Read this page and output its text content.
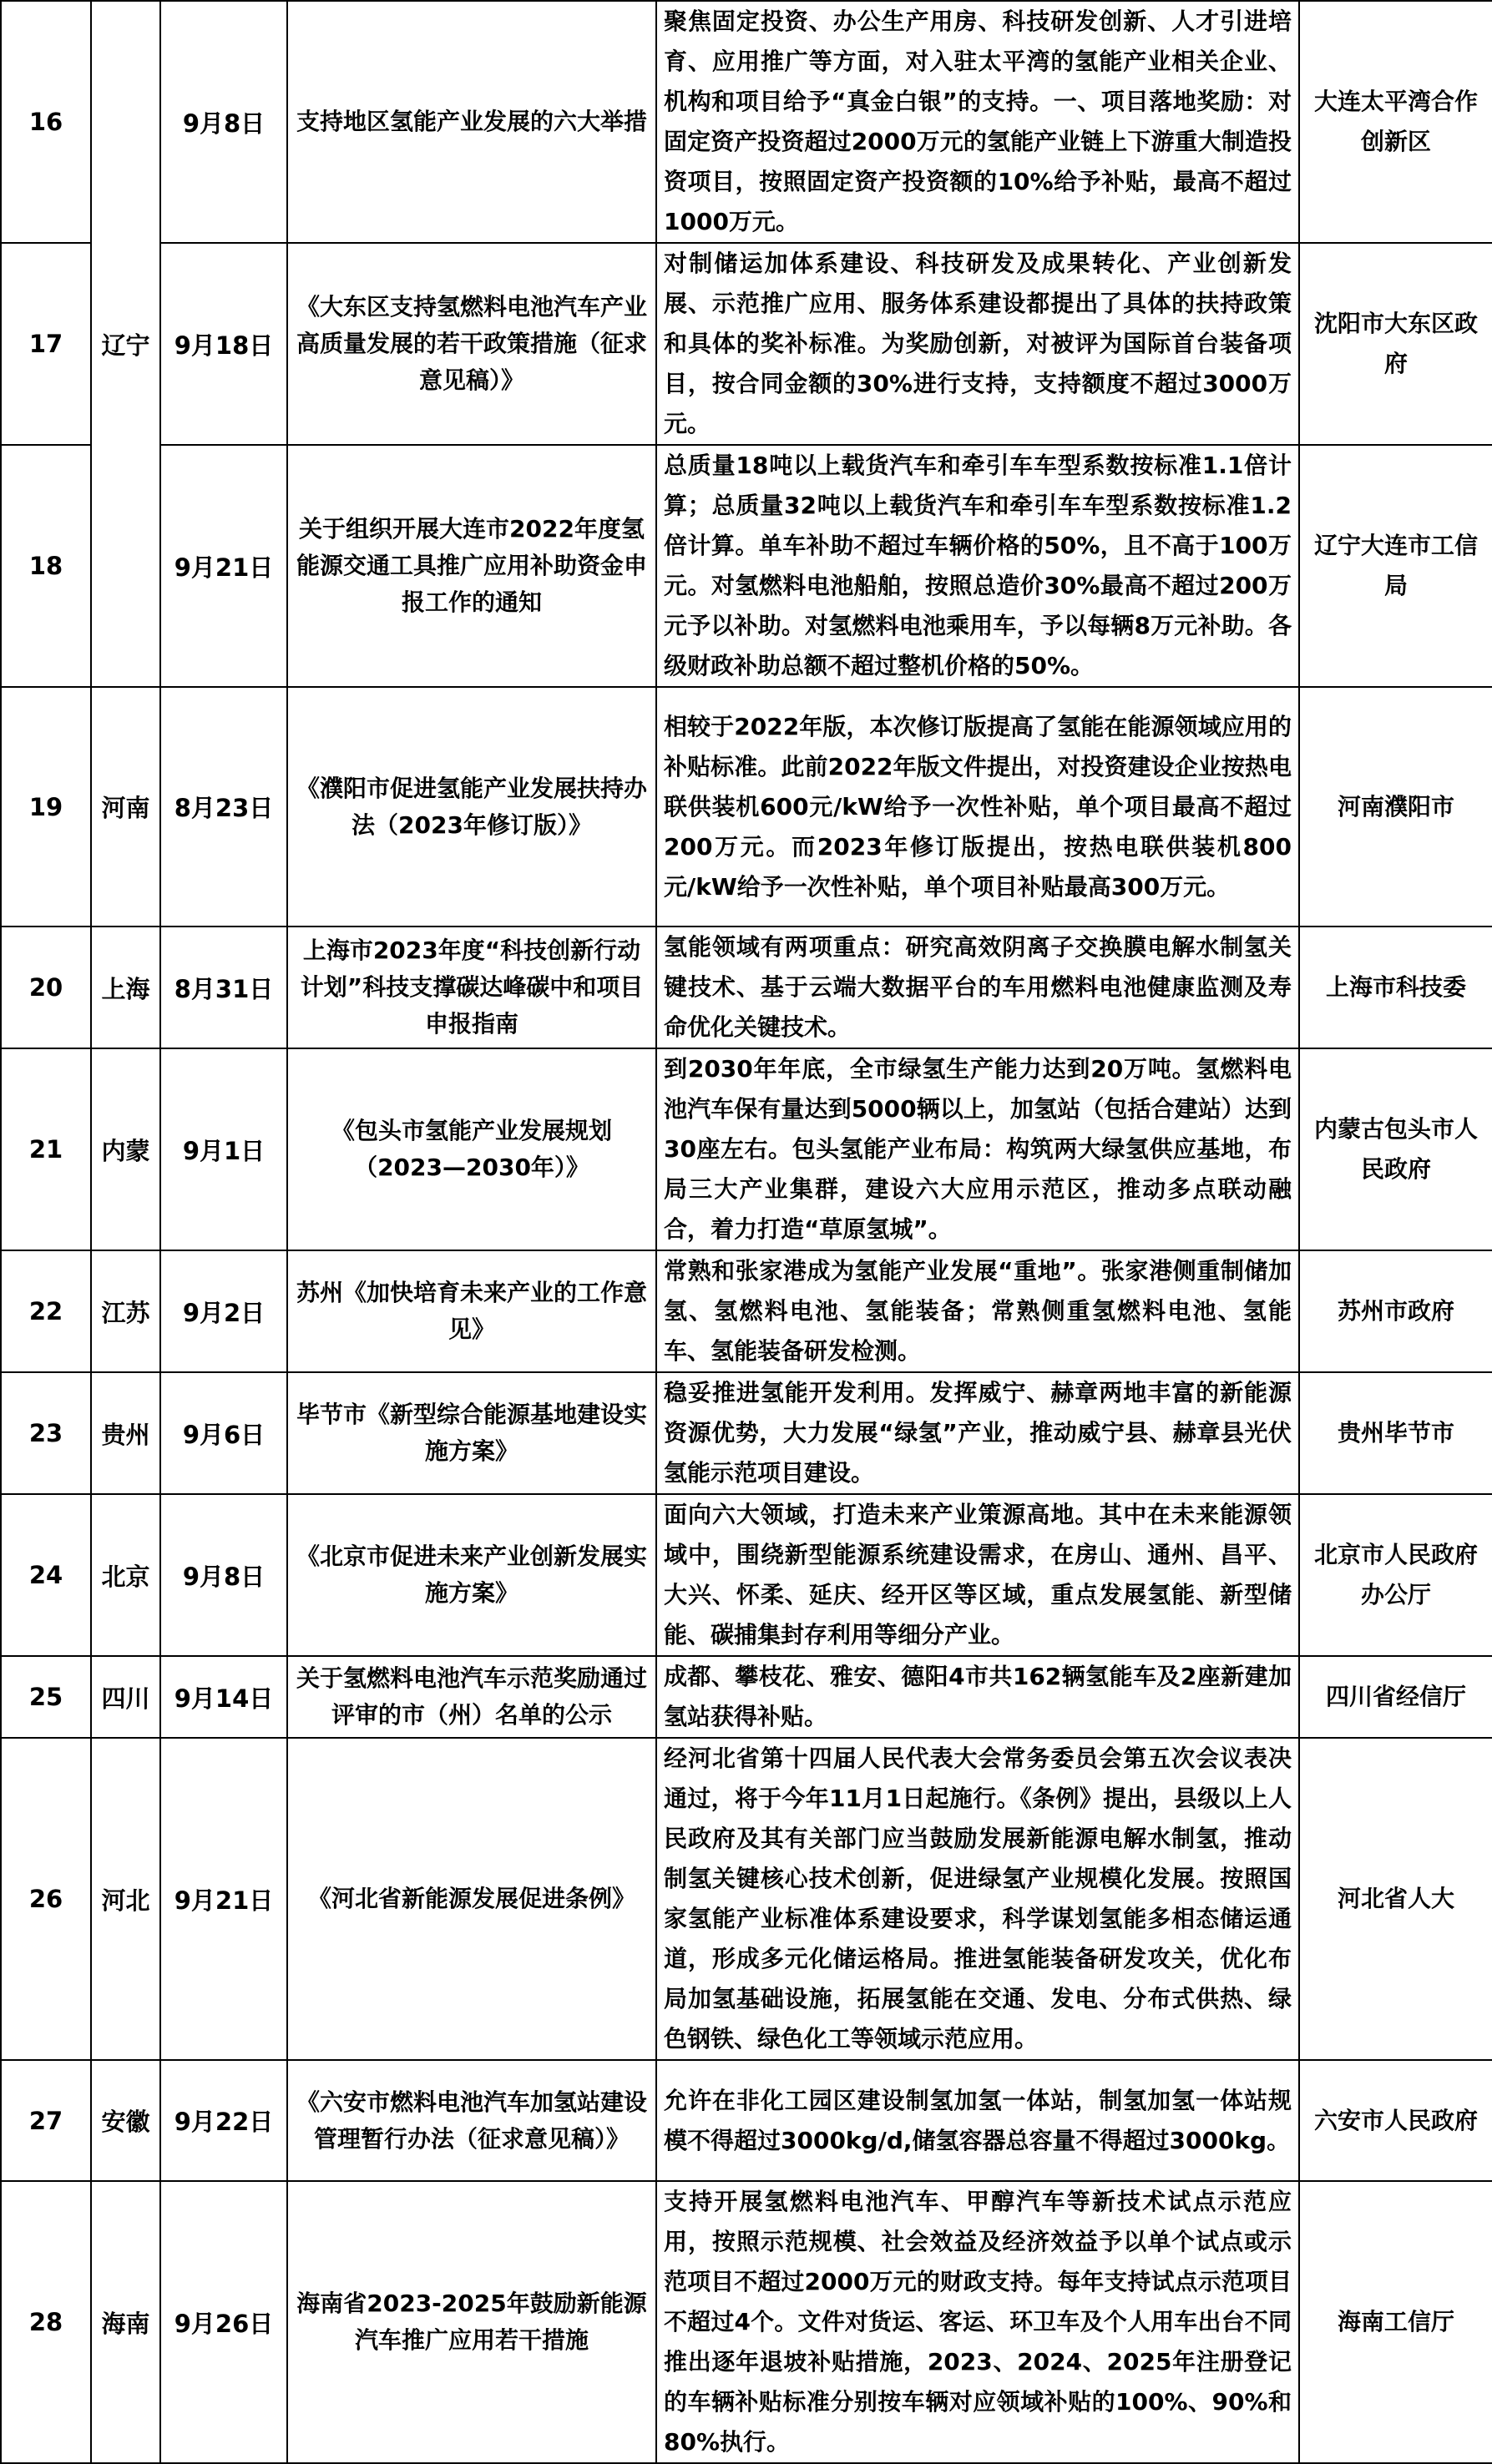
16	辽宁	9月8日	支持地区氢能产业发展的六大举措	聚焦固定投资、办公生产用房、科技研发创新、人才引进培育、应用推广等方面，对入驻太平湾的氢能产业相关企业、机构和项目给予“真金白银”的支持。一、项目落地奖励：对固定资产投资超过2000万元的氢能产业链上下游重大制造投资项目，按照固定资产投资额的10%给予补贴，最高不超过1000万元。	大连太平湾合作创新区
17		9月18日	《大东区支持氢燃料电池汽车产业高质量发展的若干政策措施（征求意见稿）》	对制储运加体系建设、科技研发及成果转化、产业创新发展、示范推广应用、服务体系建设都提出了具体的扶持政策和具体的奖补标准。为奖励创新，对被评为国际首台装备项目，按合同金额的30%进行支持，支持额度不超过3000万元。	沈阳市大东区政府
18		9月21日	关于组织开展大连市2022年度氢能源交通工具推广应用补助资金申报工作的通知	总质量18吨以上载货汽车和牵引车车型系数按标准1.1倍计算；总质量32吨以上载货汽车和牵引车车型系数按标准1.2倍计算。单车补助不超过车辆价格的50%，且不高于100万元。对氢燃料电池船舶，按照总造价30%最高不超过200万元予以补助。对氢燃料电池乘用车，予以每辆8万元补助。各级财政补助总额不超过整机价格的50%。	辽宁大连市工信局
19	河南	8月23日	《濮阳市促进氢能产业发展扶持办法（2023年修订版）》	相较于2022年版，本次修订版提高了氢能在能源领域应用的补贴标准。此前2022年版文件提出，对投资建设企业按热电联供装机600元/kW给予一次性补贴，单个项目最高不超过200万元。而2023年修订版提出，按热电联供装机800元/kW给予一次性补贴，单个项目补贴最高300万元。	河南濮阳市
20	上海	8月31日	上海市2023年度“科技创新行动计划”科技支撑碳达峰碳中和项目申报指南	氢能领域有两项重点：研究高效阴离子交换膜电解水制氢关键技术、基于云端大数据平台的车用燃料电池健康监测及寿命优化关键技术。	上海市科技委
21	内蒙	9月1日	《包头市氢能产业发展规划（2023—2030年）》	到2030年年底，全市绿氢生产能力达到20万吨。氢燃料电池汽车保有量达到5000辆以上，加氢站（包括合建站）达到30座左右。包头氢能产业布局：构筑两大绿氢供应基地，布局三大产业集群，建设六大应用示范区，推动多点联动融合，着力打造“草原氢城”。	内蒙古包头市人民政府
22	江苏	9月2日	苏州《加快培育未来产业的工作意见》	常熟和张家港成为氢能产业发展“重地”。张家港侧重制储加氢、氢燃料电池、氢能装备；常熟侧重氢燃料电池、氢能车、氢能装备研发检测。	苏州市政府
23	贵州	9月6日	毕节市《新型综合能源基地建设实施方案》	稳妥推进氢能开发利用。发挥威宁、赫章两地丰富的新能源资源优势，大力发展“绿氢”产业，推动威宁县、赫章县光伏氢能示范项目建设。	贵州毕节市
24	北京	9月8日	《北京市促进未来产业创新发展实施方案》	面向六大领域，打造未来产业策源高地。其中在未来能源领域中，围绕新型能源系统建设需求，在房山、通州、昌平、大兴、怀柔、延庆、经开区等区域，重点发展氢能、新型储能、碳捕集封存利用等细分产业。	北京市人民政府办公厅
25	四川	9月14日	关于氢燃料电池汽车示范奖励通过评审的市（州）名单的公示	成都、攀枝花、雅安、德阳4市共162辆氢能车及2座新建加氢站获得补贴。	四川省经信厅
26	河北	9月21日	《河北省新能源发展促进条例》	经河北省第十四届人民代表大会常务委员会第五次会议表决通过，将于今年11月1日起施行。《条例》提出，县级以上人民政府及其有关部门应当鼓励发展新能源电解水制氢，推动制氢关键核心技术创新，促进绿氢产业规模化发展。按照国家氢能产业标准体系建设要求，科学谋划氢能多相态储运通道，形成多元化储运格局。推进氢能装备研发攻关，优化布局加氢基础设施，拓展氢能在交通、发电、分布式供热、绿色钢铁、绿色化工等领域示范应用。	河北省人大
27	安徽	9月22日	《六安市燃料电池汽车加氢站建设管理暂行办法（征求意见稿）》	允许在非化工园区建设制氢加氢一体站，制氢加氢一体站规模不得超过3000kg/d,储氢容器总容量不得超过3000kg。	六安市人民政府
28	海南	9月26日	海南省2023-2025年鼓励新能源汽车推广应用若干措施	支持开展氢燃料电池汽车、甲醇汽车等新技术试点示范应用，按照示范规模、社会效益及经济效益予以单个试点或示范项目不超过2000万元的财政支持。每年支持试点示范项目不超过4个。文件对货运、客运、环卫车及个人用车出台不同推出逐年退坡补贴措施，2023、2024、2025年注册登记的车辆补贴标准分别按车辆对应领域补贴的100%、90%和80%执行。	海南工信厅
